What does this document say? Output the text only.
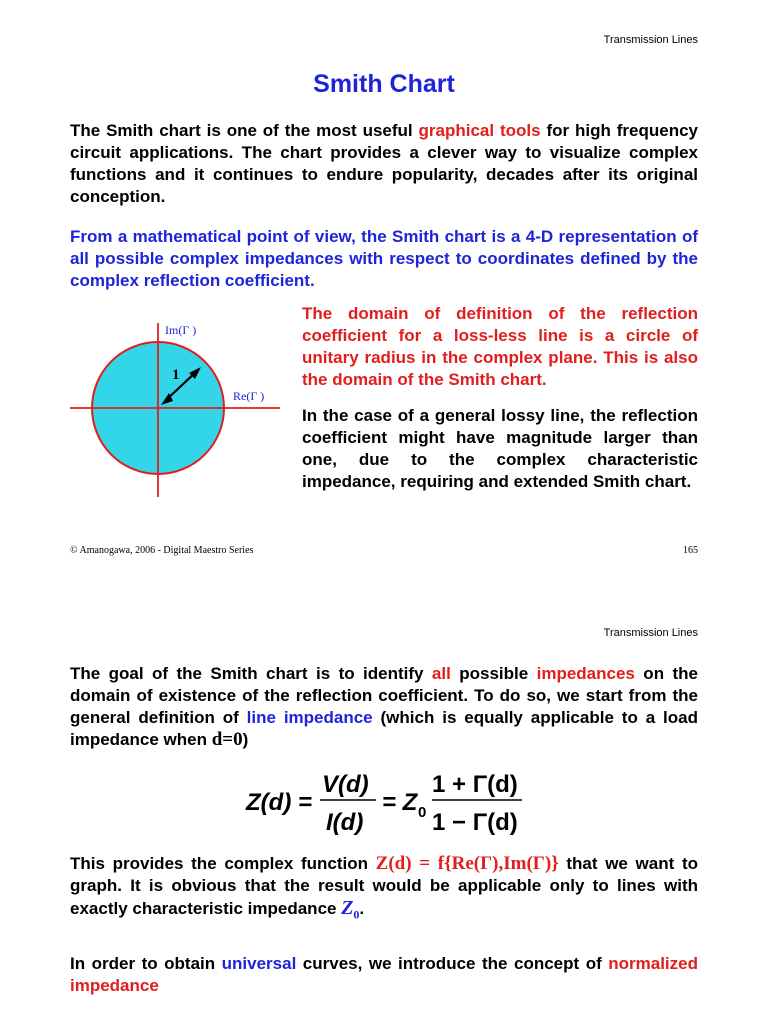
Transmission Lines
Smith Chart
The Smith chart is one of the most useful graphical tools for high frequency circuit applications. The chart provides a clever way to visualize complex functions and it continues to endure popularity, decades after its original conception.
From a mathematical point of view, the Smith chart is a 4-D representation of all possible complex impedances with respect to coordinates defined by the complex reflection coefficient.
Im(Γ )
Re(Γ )
1
The domain of definition of the reflection coefficient for a loss-less line is a circle of unitary radius in the complex plane. This is also the domain of the Smith chart.
In the case of a general lossy line, the reflection coefficient might have magnitude larger than one, due to the complex characteristic impedance, requiring and extended Smith chart.
© Amanogawa, 2006 - Digital Maestro Series	165
Transmission Lines
The goal of the Smith chart is to identify all possible impedances on the domain of existence of the reflection coefficient. To do so, we start from the general definition of line impedance (which is equally applicable to a load impedance when d=0)
Z(d) =
V(d)
I(d)
= Z 0
1 + Γ(d)
1 − Γ(d)
This provides the complex function Z(d) = f{Re(Γ),Im(Γ)} that we want to graph. It is obvious that the result would be applicable only to lines with exactly characteristic impedance $Z_0$.
In order to obtain universal curves, we introduce the concept of normalized impedance
